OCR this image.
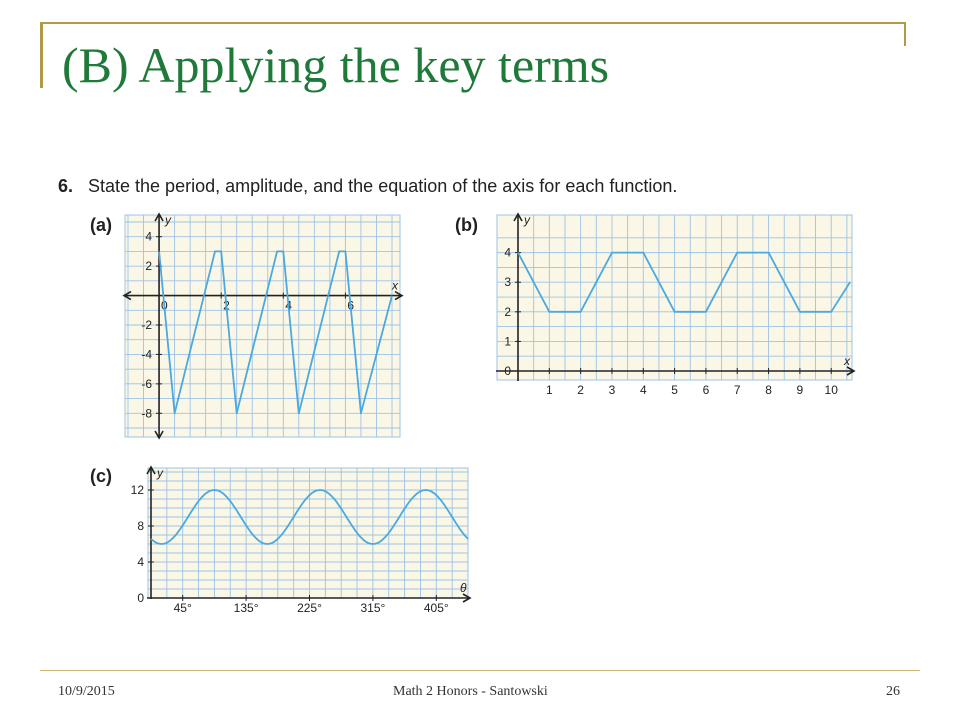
(B) Applying the key terms
6. State the period, amplitude, and the equation of the axis for each function.
(a)	(b)
(c)
y
x
0	2	4	6
4
2
-2
-4
-6
-8
y
x
1 2 3 4 5 6 7 8 9 10
0
1
2
3
4
y
θ
45°	135°	225°	315°	405°
0
4
8
12
10/9/2015	Math 2 Honors - Santowski	26
